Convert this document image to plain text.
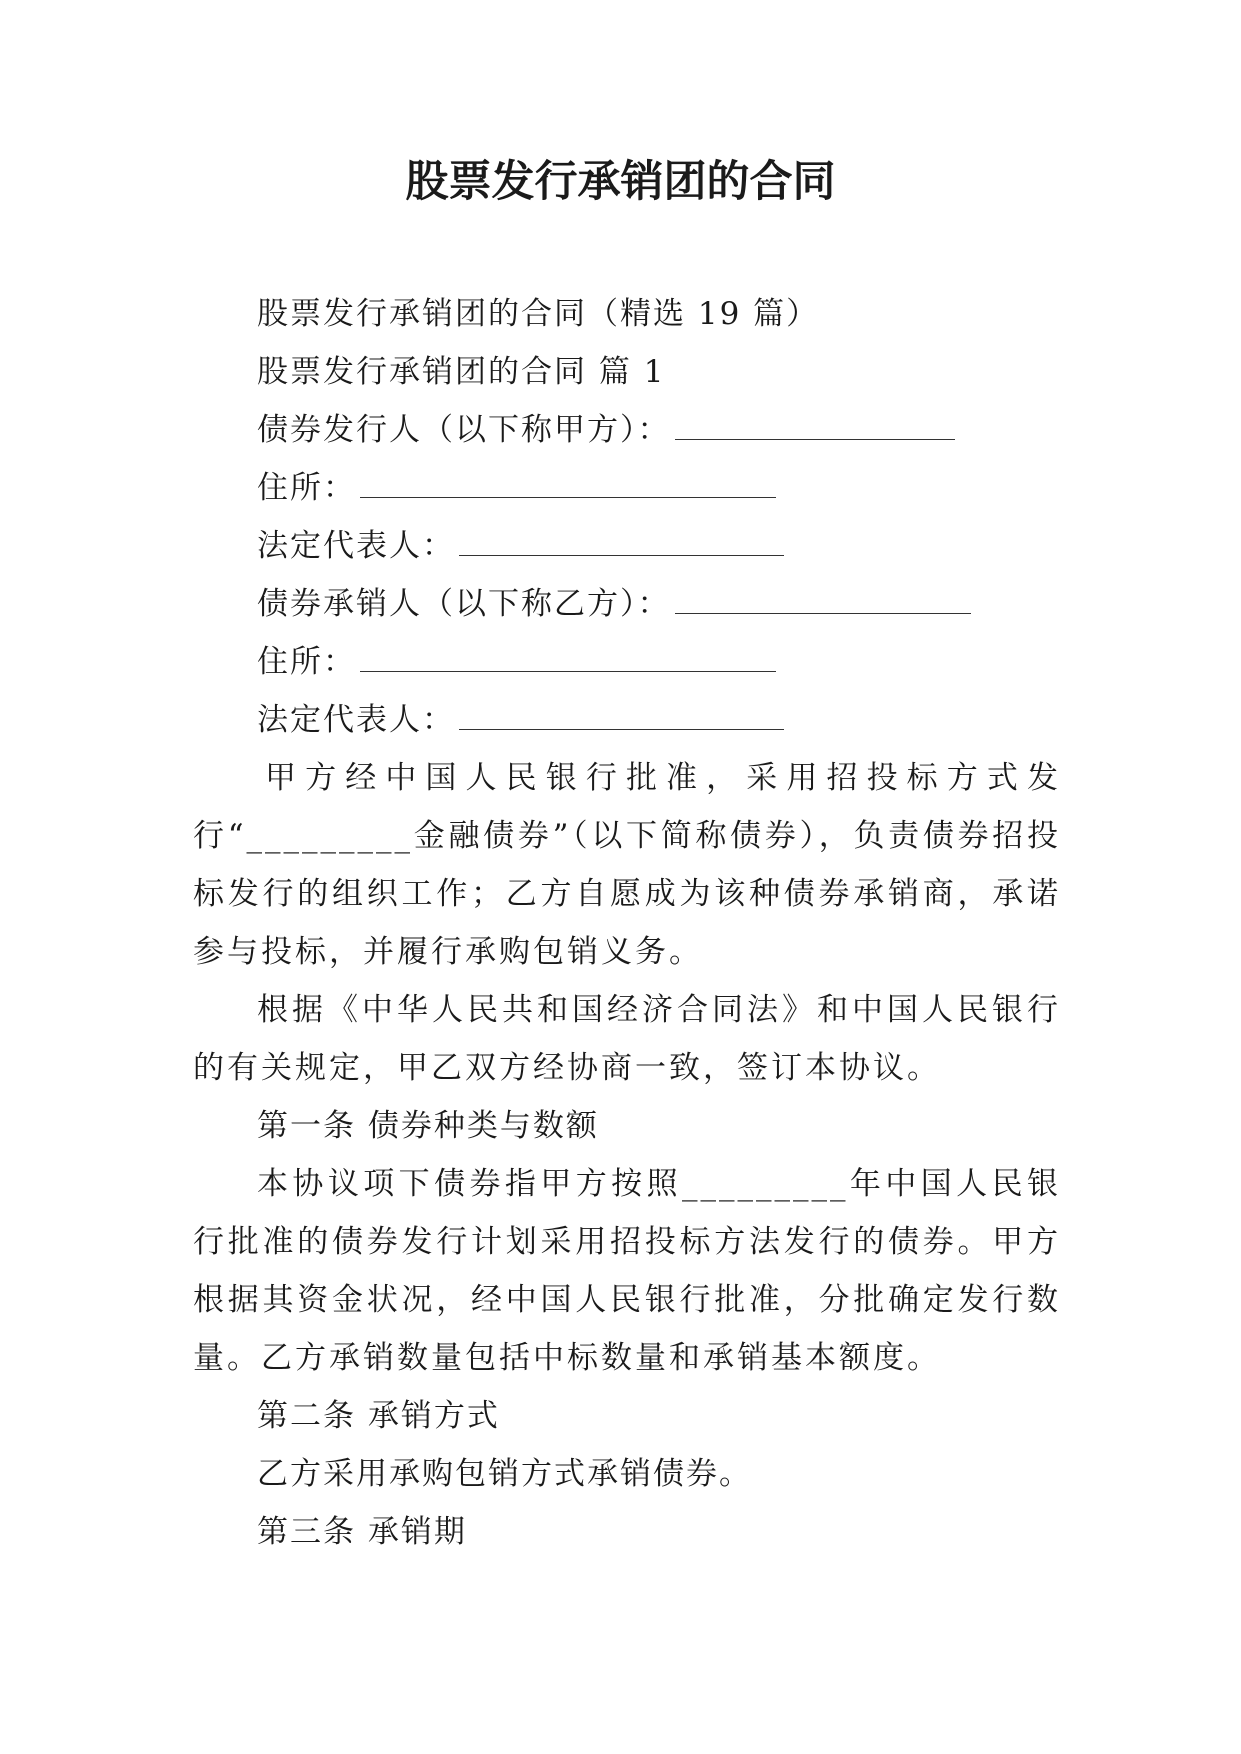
股票发行承销团的合同
股票发行承销团的合同（精选 19 篇）
股票发行承销团的合同 篇 1
债券发行人（以下称甲方）：
住所：
法定代表人：
债券承销人（以下称乙方）：
住所：
法定代表人：

甲方经中国人民银行批准，采用招投标方式发行“_________金融债券”（以下简称债券），负责债券招投标发行的组织工作；乙方自愿成为该种债券承销商，承诺参与投标，并履行承购包销义务。

根据《中华人民共和国经济合同法》和中国人民银行的有关规定，甲乙双方经协商一致，签订本协议。

第一条 债券种类与数额

本协议项下债券指甲方按照_________年中国人民银行批准的债券发行计划采用招投标方法发行的债券。甲方根据其资金状况，经中国人民银行批准，分批确定发行数量。乙方承销数量包括中标数量和承销基本额度。

第二条 承销方式
乙方采用承购包销方式承销债券。
第三条 承销期
